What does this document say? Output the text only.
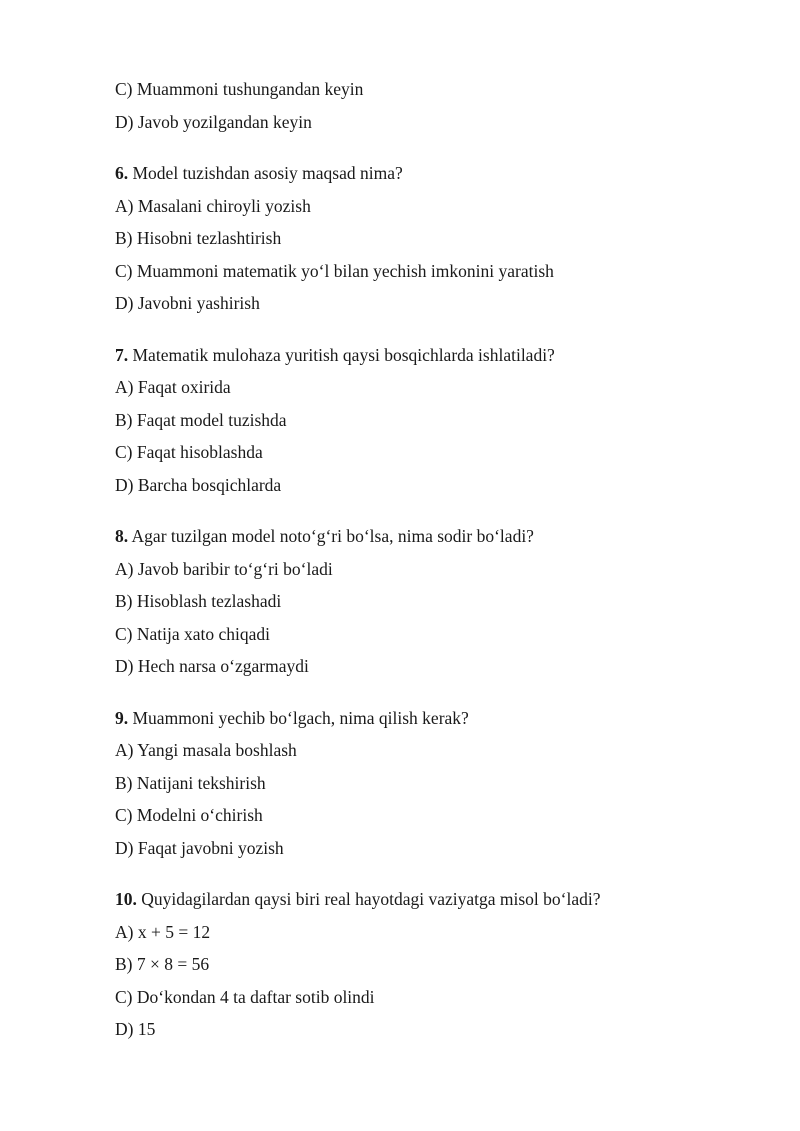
C) Muammoni tushungandan keyin
D) Javob yozilgandan keyin
6. Model tuzishdan asosiy maqsad nima?
A) Masalani chiroyli yozish
B) Hisobni tezlashtirish
C) Muammoni matematik yo‘l bilan yechish imkonini yaratish
D) Javobni yashirish
7. Matematik mulohaza yuritish qaysi bosqichlarda ishlatiladi?
A) Faqat oxirida
B) Faqat model tuzishda
C) Faqat hisoblashda
D) Barcha bosqichlarda
8. Agar tuzilgan model noto‘g‘ri bo‘lsa, nima sodir bo‘ladi?
A) Javob baribir to‘g‘ri bo‘ladi
B) Hisoblash tezlashadi
C) Natija xato chiqadi
D) Hech narsa o‘zgarmaydi
9. Muammoni yechib bo‘lgach, nima qilish kerak?
A) Yangi masala boshlash
B) Natijani tekshirish
C) Modelni o‘chirish
D) Faqat javobni yozish
10. Quyidagilardan qaysi biri real hayotdagi vaziyatga misol bo‘ladi?
A) x + 5 = 12
B) 7 × 8 = 56
C) Do‘kondan 4 ta daftar sotib olindi
D) 15
